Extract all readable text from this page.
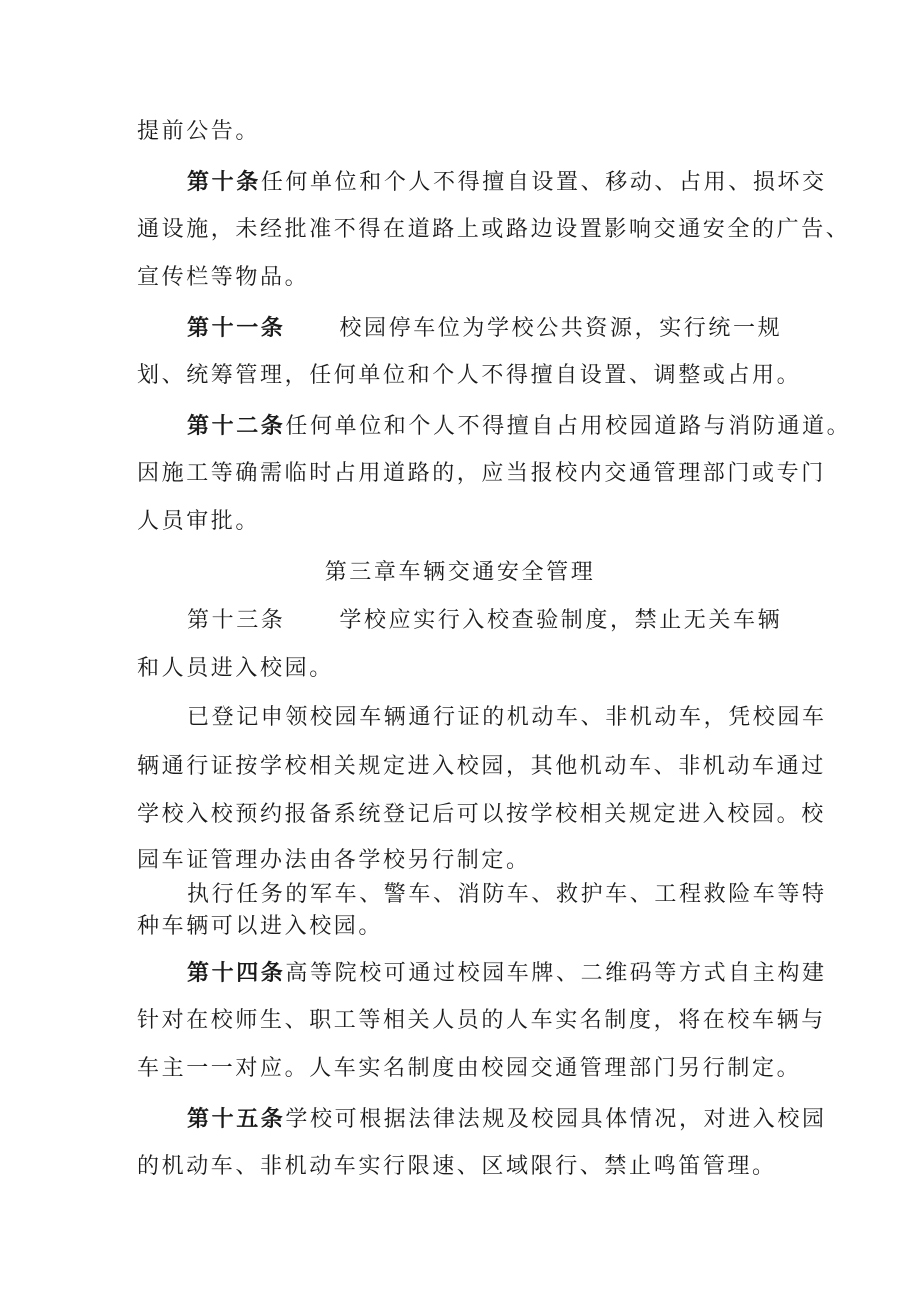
提前公告。
第十条任何单位和个人不得擅自设置、移动、占用、损坏交
通设施，未经批准不得在道路上或路边设置影响交通安全的广告、
宣传栏等物品。
第十一条 校园停车位为学校公共资源，实行统一规
划、统筹管理，任何单位和个人不得擅自设置、调整或占用。
第十二条任何单位和个人不得擅自占用校园道路与消防通道。
因施工等确需临时占用道路的，应当报校内交通管理部门或专门
人员审批。
第三章车辆交通安全管理
第十三条 学校应实行入校查验制度，禁止无关车辆
和人员进入校园。
已登记申领校园车辆通行证的机动车、非机动车，凭校园车
辆通行证按学校相关规定进入校园，其他机动车、非机动车通过
学校入校预约报备系统登记后可以按学校相关规定进入校园。校
园车证管理办法由各学校另行制定。
执行任务的军车、警车、消防车、救护车、工程救险车等特
种车辆可以进入校园。
第十四条高等院校可通过校园车牌、二维码等方式自主构建
针对在校师生、职工等相关人员的人车实名制度，将在校车辆与
车主一一对应。人车实名制度由校园交通管理部门另行制定。
第十五条学校可根据法律法规及校园具体情况，对进入校园
的机动车、非机动车实行限速、区域限行、禁止鸣笛管理。
